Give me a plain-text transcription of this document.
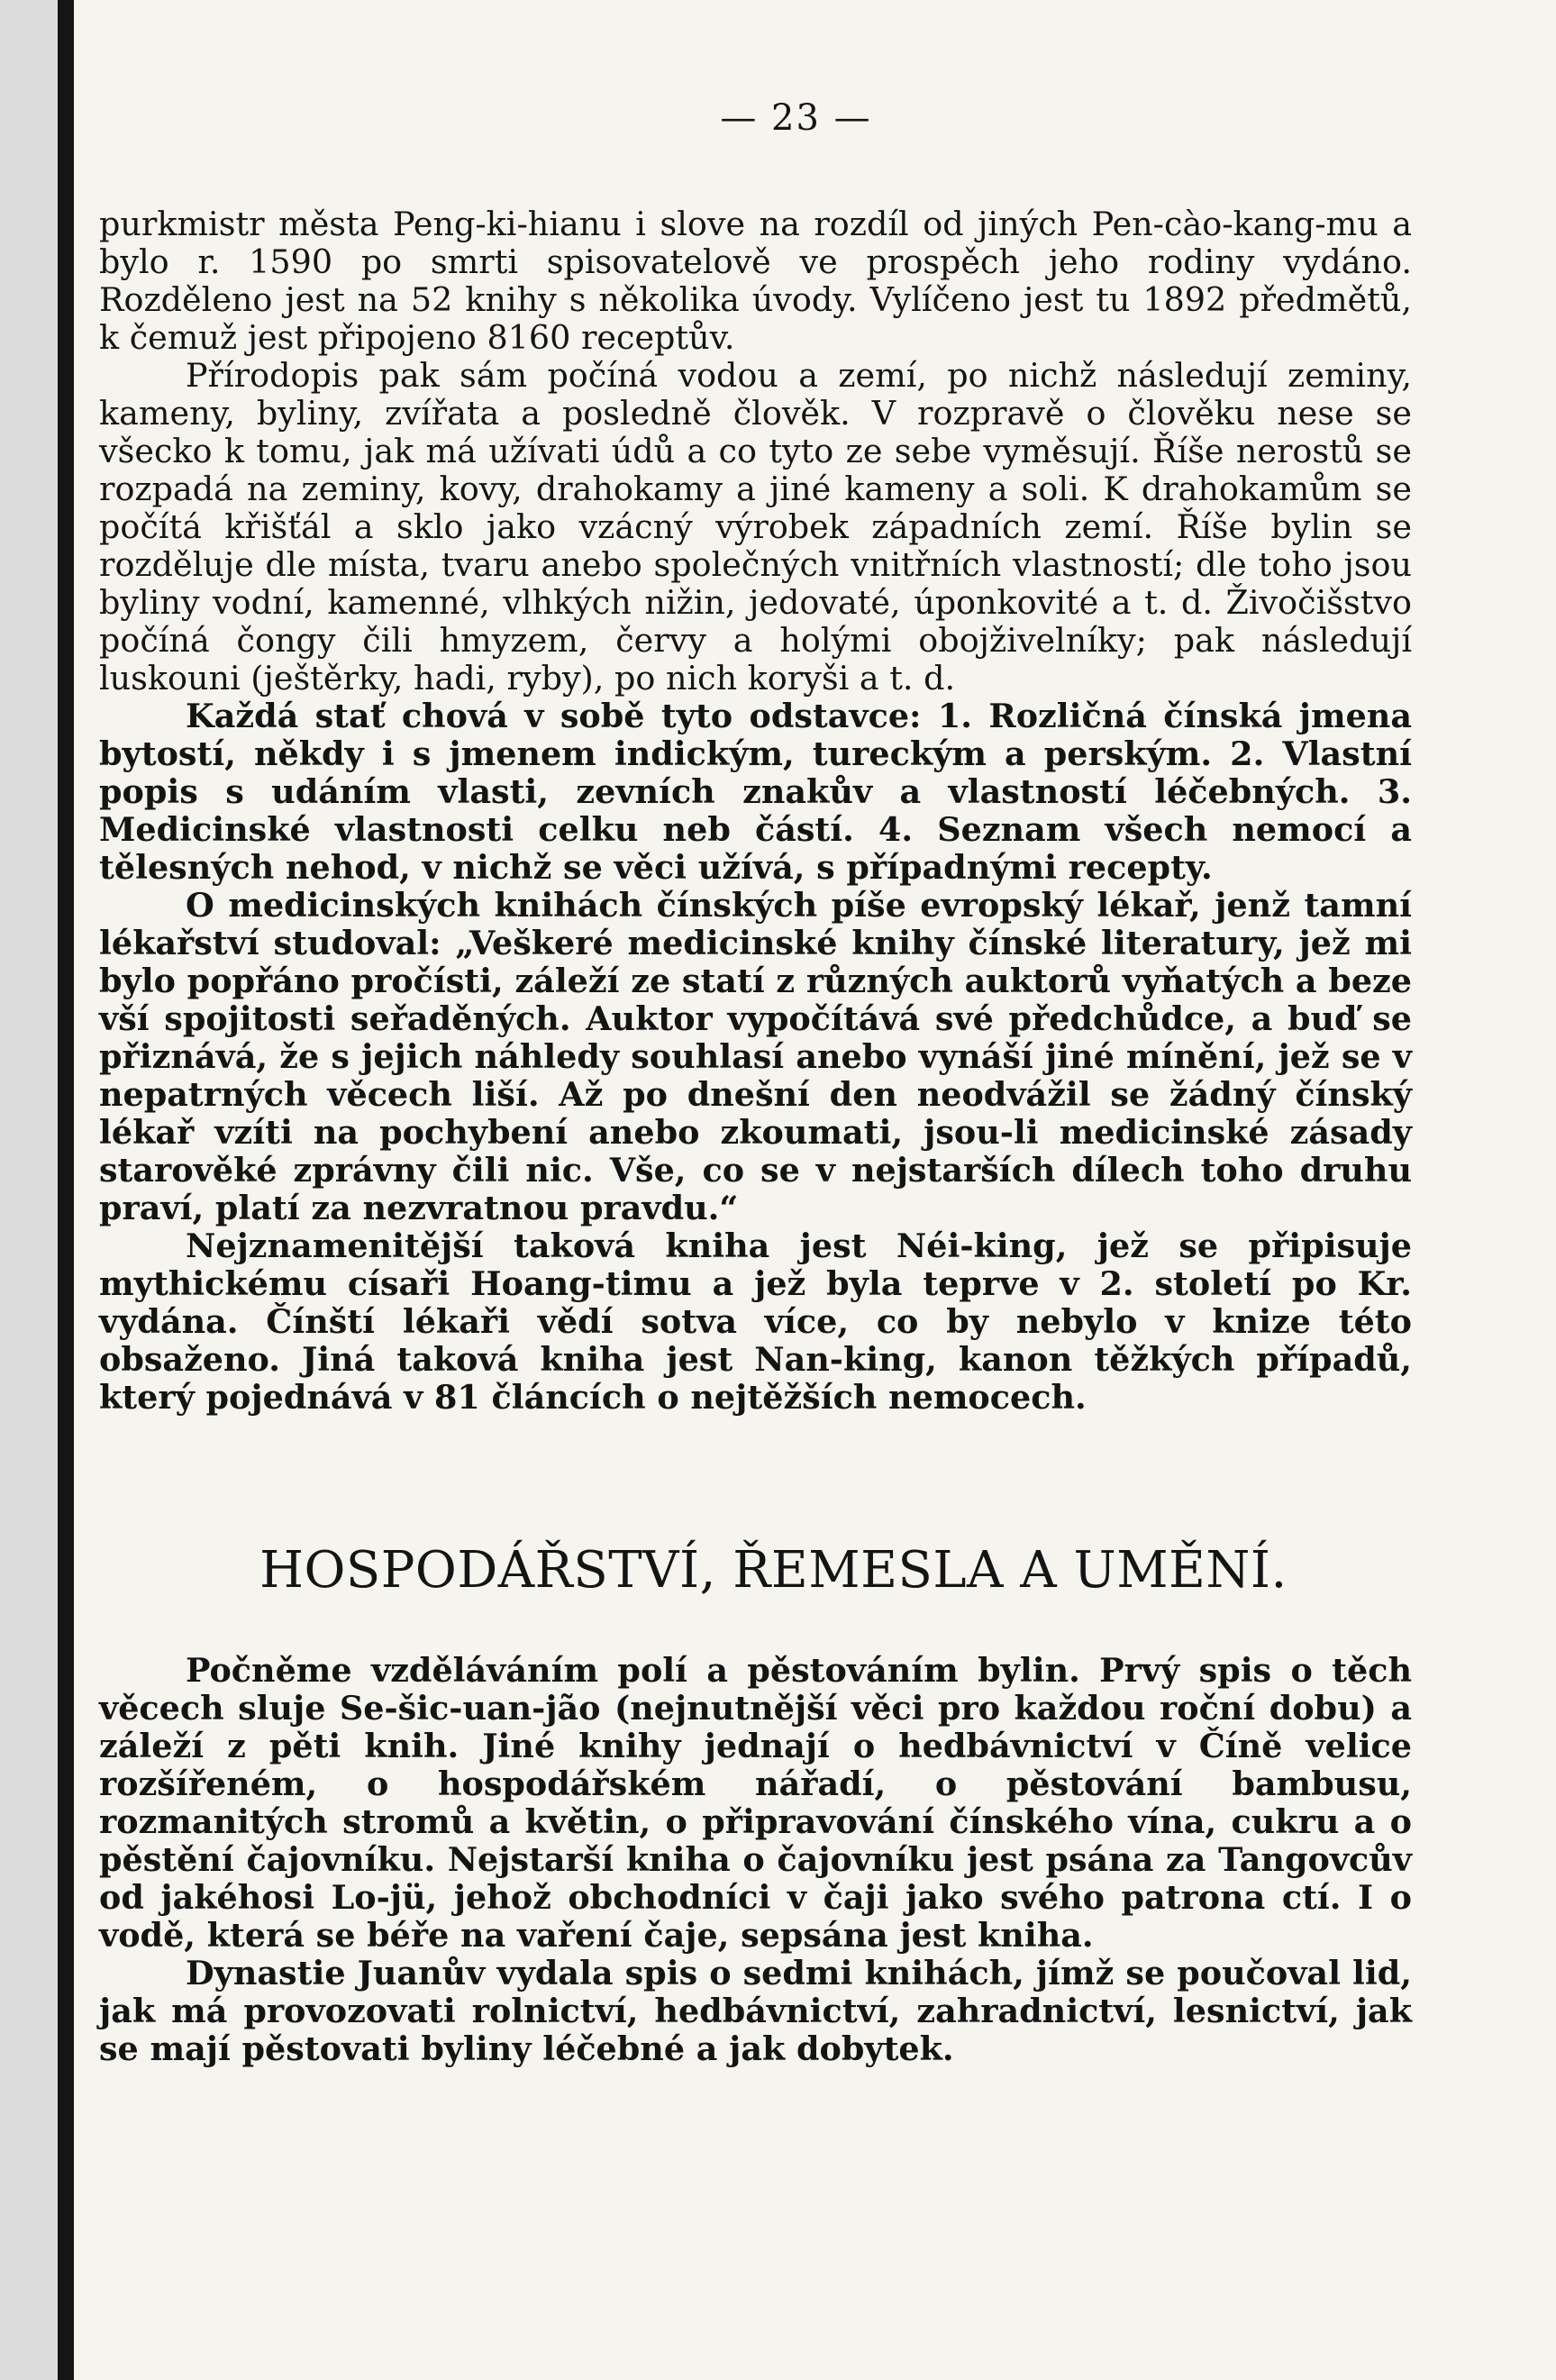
— 23 —

purkmistr města Peng-ki-hianu i slove na rozdíl od jiných Pen-cào-kang-mu a bylo r. 1590 po smrti spisovatelově ve prospěch jeho rodiny vydáno. Rozděleno jest na 52 knihy s několika úvody. Vylíčeno jest tu 1892 předmětů, k čemuž jest připojeno 8160 receptův.

Přírodopis pak sám počíná vodou a zemí, po nichž následují zeminy, kameny, byliny, zvířata a posledně člověk. V rozpravě o člověku nese se všecko k tomu, jak má užívati údů a co tyto ze sebe vyměsují. Říše nerostů se rozpadá na zeminy, kovy, drahokamy a jiné kameny a soli. K drahokamům se počítá křišťál a sklo jako vzácný výrobek západních zemí. Říše bylin se rozděluje dle místa, tvaru anebo společných vnitřních vlastností; dle toho jsou byliny vodní, kamenné, vlhkých nižin, jedovaté, úponkovité a t. d. Živočišstvo počíná čongy čili hmyzem, červy a holými obojživelníky; pak následují luskouni (ještěrky, hadi, ryby), po nich koryši a t. d.

Každá stať chová v sobě tyto odstavce: 1. Rozličná čínská jmena bytostí, někdy i s jmenem indickým, tureckým a perským. 2. Vlastní popis s udáním vlasti, zevních znakův a vlastností léčebných. 3. Medicinské vlastnosti celku neb částí. 4. Seznam všech nemocí a tělesných nehod, v nichž se věci užívá, s případnými recepty.

O medicinských knihách čínských píše evropský lékař, jenž tamní lékařství studoval: „Veškeré medicinské knihy čínské literatury, jež mi bylo popřáno pročísti, záleží ze statí z různých auktorů vyňatých a beze vší spojitosti seřaděných. Auktor vypočítává své předchůdce, a buď se přiznává, že s jejich náhledy souhlasí anebo vynáší jiné mínění, jež se v nepatrných věcech liší. Až po dnešní den neodvážil se žádný čínský lékař vzíti na pochybení anebo zkoumati, jsou-li medicinské zásady starověké zprávny čili nic. Vše, co se v nejstarších dílech toho druhu praví, platí za nezvratnou pravdu.“

Nejznamenitější taková kniha jest Néi-king, jež se připisuje mythickému císaři Hoang-timu a jež byla teprve v 2. století po Kr. vydána. Čínští lékaři vědí sotva více, co by nebylo v knize této obsaženo. Jiná taková kniha jest Nan-king, kanon těžkých případů, který pojednává v 81 článcích o nejtěžších nemocech.

HOSPODÁŘSTVÍ, ŘEMESLA A UMĚNÍ.

Počněme vzděláváním polí a pěstováním bylin. Prvý spis o těch věcech sluje Se-šic-uan-jão (nejnutnější věci pro každou roční dobu) a záleží z pěti knih. Jiné knihy jednají o hedbávnictví v Číně velice rozšířeném, o hospodářském nářadí, o pěstování bambusu, rozmanitých stromů a květin, o připravování čínského vína, cukru a o pěstění čajovníku. Nejstarší kniha o čajovníku jest psána za Tangovcův od jakéhosi Lo-jü, jehož obchodníci v čaji jako svého patrona ctí. I o vodě, která se béře na vaření čaje, sepsána jest kniha.

Dynastie Juanův vydala spis o sedmi knihách, jímž se poučoval lid, jak má provozovati rolnictví, hedbávnictví, zahradnictví, lesnictví, jak se mají pěstovati byliny léčebné a jak dobytek.
